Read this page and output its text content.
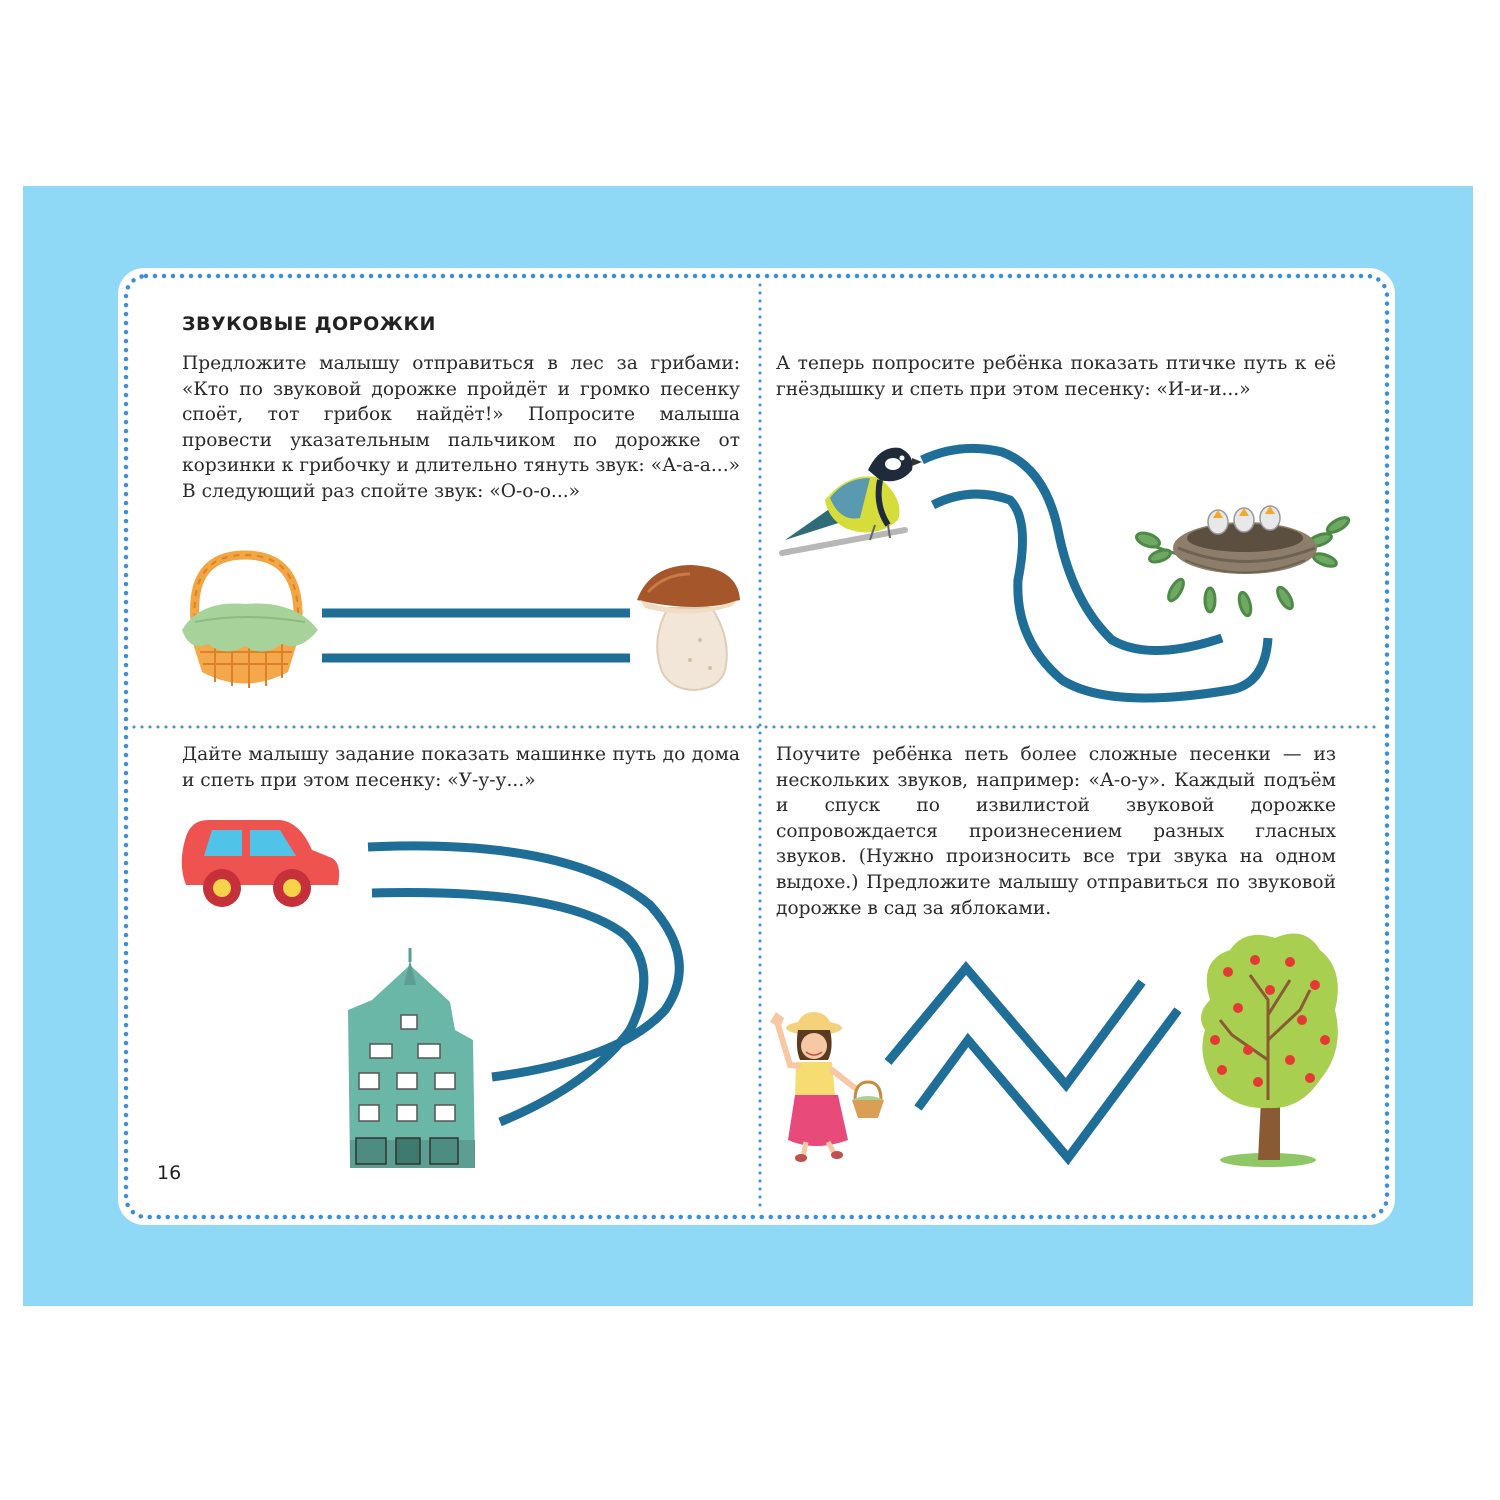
ЗВУКОВЫЕ ДОРОЖКИ

Предложите малышу отправиться в лес за грибами: «Кто по звуковой дорожке пройдёт и громко песенку споёт, тот грибок найдёт!» Попросите малыша провести указательным пальчиком по дорожке от корзинки к грибочку и длительно тянуть звук: «А-а-а...» В следующий раз спойте звук: «О-о-о...»

А теперь попросите ребёнка показать птичке путь к её гнёздышку и спеть при этом песенку: «И-и-и...»

Дайте малышу задание показать машинке путь до дома и спеть при этом песенку: «У-у-у...»

Поучите ребёнка петь более сложные песенки — из нескольких звуков, например: «А-о-у». Каждый подъём и спуск по извилистой звуковой дорожке сопровождается произнесением разных гласных звуков. (Нужно произносить все три звука на одном выдохе.) Предложите малышу отправиться по звуковой дорожке в сад за яблоками.

16
